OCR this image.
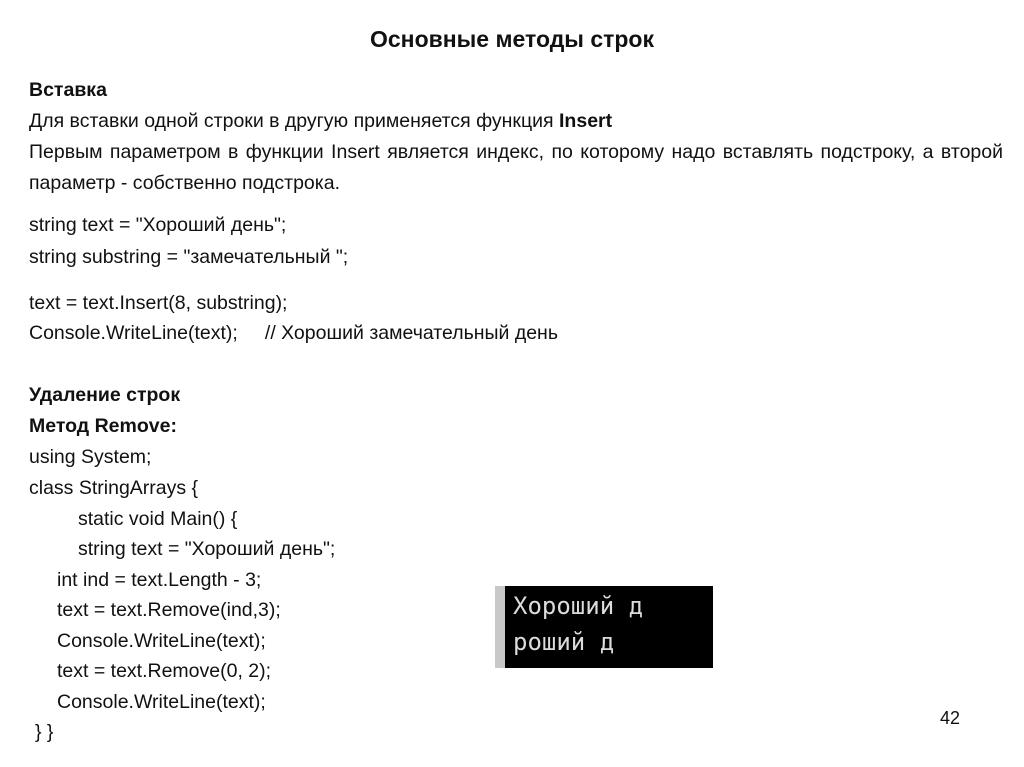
Основные методы строк
Вставка
Для вставки одной строки в другую применяется функция Insert
Первым параметром в функции Insert является индекс, по которому надо вставлять подстроку, а второй параметр - собственно подстрока.
string text = "Хороший день";
string substring = "замечательный ";
text = text.Insert(8, substring);
Console.WriteLine(text);     // Хороший замечательный день
Удаление строк
Метод Remove:
using System;
class StringArrays {
static void Main() {
string text = "Хороший день";
int ind = text.Length - 3;
text = text.Remove(ind,3);
Console.WriteLine(text);
text = text.Remove(0, 2);
Console.WriteLine(text);
} }
Хороший д
роший д
42
